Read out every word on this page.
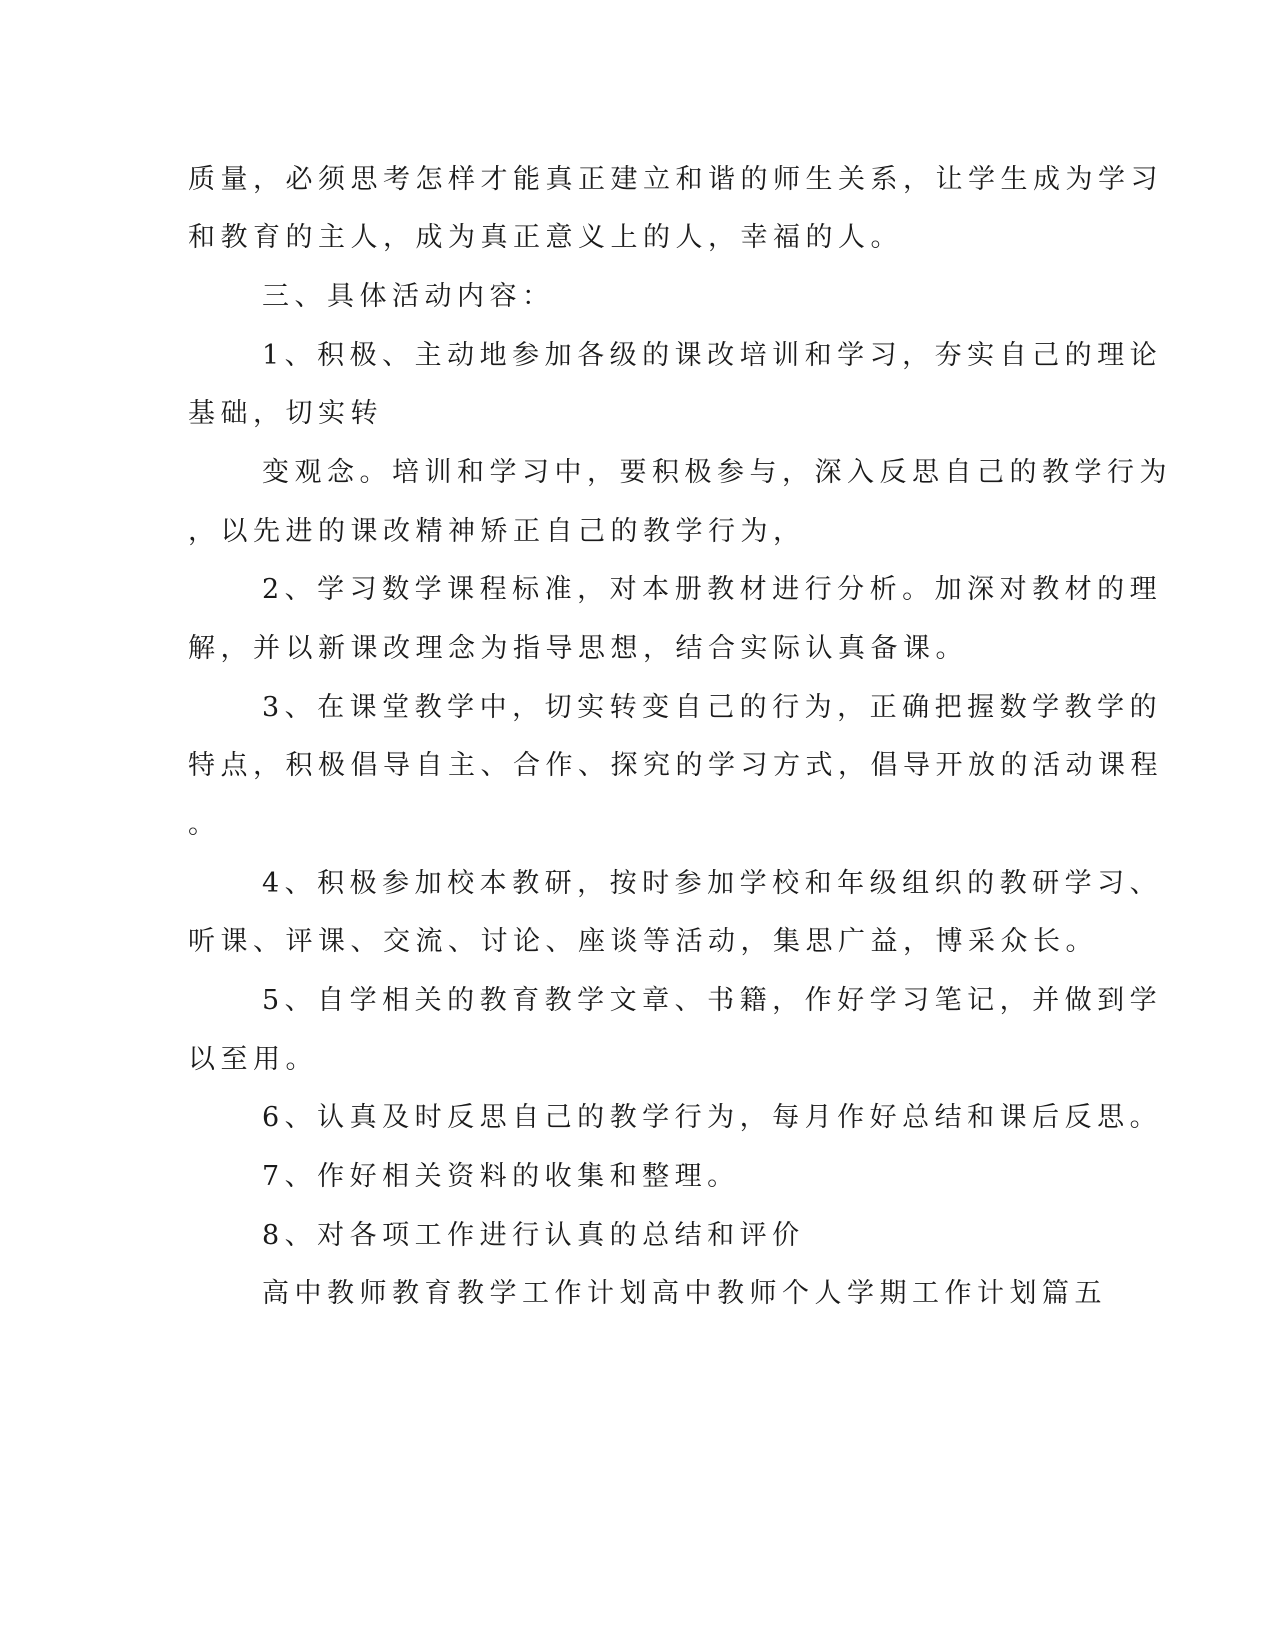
质量，必须思考怎样才能真正建立和谐的师生关系，让学生成为学习
和教育的主人，成为真正意义上的人，幸福的人。
三、具体活动内容：
1、积极、主动地参加各级的课改培训和学习，夯实自己的理论
基础，切实转
变观念。培训和学习中，要积极参与，深入反思自己的教学行为
，以先进的课改精神矫正自己的教学行为，
2、学习数学课程标准，对本册教材进行分析。加深对教材的理
解，并以新课改理念为指导思想，结合实际认真备课。
3、在课堂教学中，切实转变自己的行为，正确把握数学教学的
特点，积极倡导自主、合作、探究的学习方式，倡导开放的活动课程
。
4、积极参加校本教研，按时参加学校和年级组织的教研学习、
听课、评课、交流、讨论、座谈等活动，集思广益，博采众长。
5、自学相关的教育教学文章、书籍，作好学习笔记，并做到学
以至用。
6、认真及时反思自己的教学行为，每月作好总结和课后反思。
7、作好相关资料的收集和整理。
8、对各项工作进行认真的总结和评价
高中教师教育教学工作计划高中教师个人学期工作计划篇五
